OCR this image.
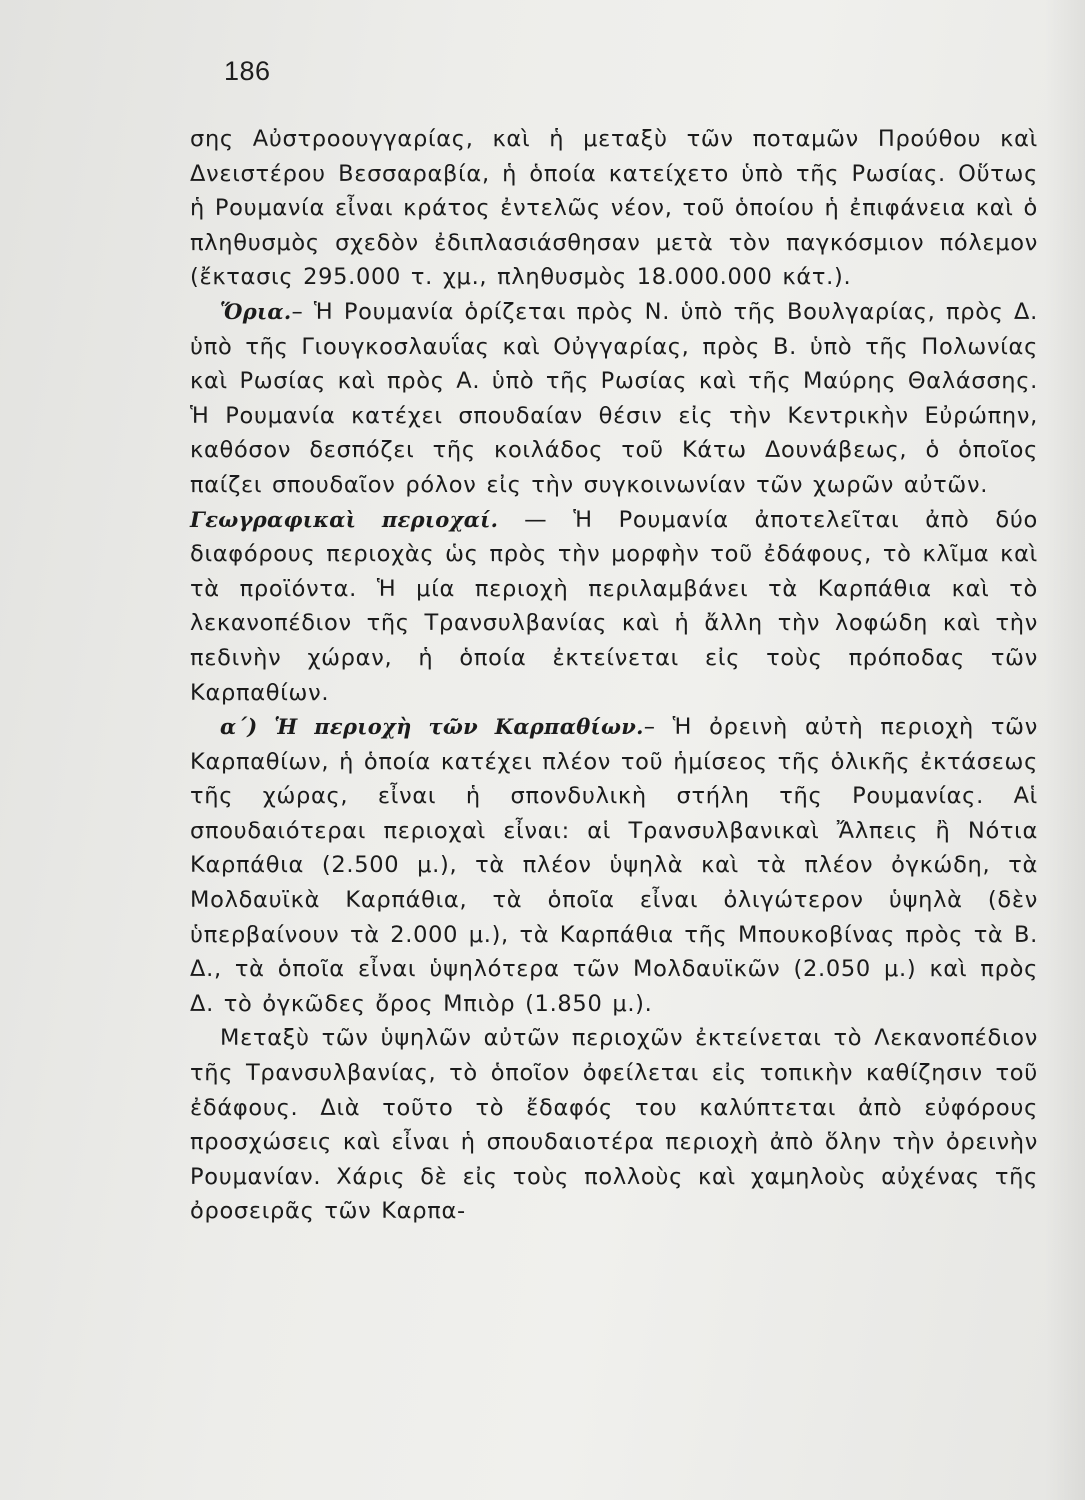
186

σης Αὐστροουγγαρίας, καὶ ἡ μεταξὺ τῶν ποταμῶν Προύθου καὶ Δνειστέρου Βεσσαραβία, ἡ ὁποία κατείχετο ὑπὸ τῆς Ρωσίας. Οὕτως ἡ Ρουμανία εἶναι κράτος ἐντελῶς νέον, τοῦ ὁποίου ἡ ἐπιφάνεια καὶ ὁ πληθυσμὸς σχεδὸν ἐδιπλασιάσθησαν μετὰ τὸν παγκόσμιον πόλεμον (ἔκτασις 295.000 τ. χμ., πληθυσμὸς 18.000.000 κάτ.).

Ὅρια.– Ἡ Ρουμανία ὁρίζεται πρὸς Ν. ὑπὸ τῆς Βουλγαρίας, πρὸς Δ. ὑπὸ τῆς Γιουγκοσλαυΐας καὶ Οὐγγαρίας, πρὸς Β. ὑπὸ τῆς Πολωνίας καὶ Ρωσίας καὶ πρὸς Α. ὑπὸ τῆς Ρωσίας καὶ τῆς Μαύρης Θαλάσσης. Ἡ Ρουμανία κατέχει σπουδαίαν θέσιν εἰς τὴν Κεντρικὴν Εὐρώπην, καθόσον δεσπόζει τῆς κοιλάδος τοῦ Κάτω Δουνάβεως, ὁ ὁποῖος παίζει σπουδαῖον ρόλον εἰς τὴν συγκοινωνίαν τῶν χωρῶν αὐτῶν.

Γεωγραφικαὶ περιοχαί. — Ἡ Ρουμανία ἀποτελεῖται ἀπὸ δύο διαφόρους περιοχὰς ὡς πρὸς τὴν μορφὴν τοῦ ἐδάφους, τὸ κλῖμα καὶ τὰ προϊόντα. Ἡ μία περιοχὴ περιλαμβάνει τὰ Καρπάθια καὶ τὸ λεκανοπέδιον τῆς Τρανσυλβανίας καὶ ἡ ἄλλη τὴν λοφώδη καὶ τὴν πεδινὴν χώραν, ἡ ὁποία ἐκτείνεται εἰς τοὺς πρόποδας τῶν Καρπαθίων.

α΄) Ἡ περιοχὴ τῶν Καρπαθίων.– Ἡ ὀρεινὴ αὐτὴ περιοχὴ τῶν Καρπαθίων, ἡ ὁποία κατέχει πλέον τοῦ ἡμίσεος τῆς ὁλικῆς ἐκτάσεως τῆς χώρας, εἶναι ἡ σπονδυλικὴ στήλη τῆς Ρουμανίας. Αἱ σπουδαιότεραι περιοχαὶ εἶναι: αἱ Τρανσυλβανικαὶ Ἄλπεις ἢ Νότια Καρπάθια (2.500 μ.), τὰ πλέον ὑψηλὰ καὶ τὰ πλέον ὀγκώδη, τὰ Μολδαυϊκὰ Καρπάθια, τὰ ὁποῖα εἶναι ὀλιγώτερον ὑψηλὰ (δὲν ὑπερβαίνουν τὰ 2.000 μ.), τὰ Καρπάθια τῆς Μπουκοβίνας πρὸς τὰ Β. Δ., τὰ ὁποῖα εἶναι ὑψηλότερα τῶν Μολδαυϊκῶν (2.050 μ.) καὶ πρὸς Δ. τὸ ὀγκῶδες ὄρος Μπιὸρ (1.850 μ.).

Μεταξὺ τῶν ὑψηλῶν αὐτῶν περιοχῶν ἐκτείνεται τὸ Λεκανοπέδιον τῆς Τρανσυλβανίας, τὸ ὁποῖον ὀφείλεται εἰς τοπικὴν καθίζησιν τοῦ ἐδάφους. Διὰ τοῦτο τὸ ἔδαφός του καλύπτεται ἀπὸ εὐφόρους προσχώσεις καὶ εἶναι ἡ σπουδαιοτέρα περιοχὴ ἀπὸ ὅλην τὴν ὀρεινὴν Ρουμανίαν. Χάρις δὲ εἰς τοὺς πολλοὺς καὶ χαμηλοὺς αὐχένας τῆς ὀροσειρᾶς τῶν Καρπα-
